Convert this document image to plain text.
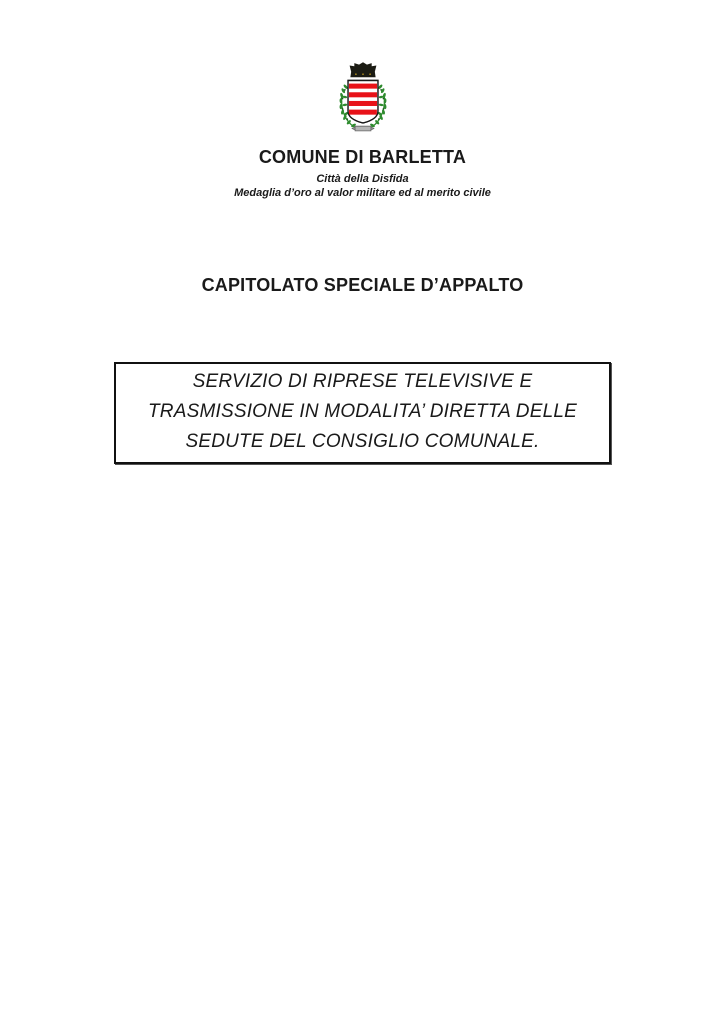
COMUNE DI BARLETTA
Città della Disfida
Medaglia d’oro al valor militare ed al merito civile
CAPITOLATO SPECIALE D’APPALTO
SERVIZIO DI RIPRESE TELEVISIVE E TRASMISSIONE IN MODALITA’ DIRETTA DELLE SEDUTE DEL CONSIGLIO COMUNALE.
